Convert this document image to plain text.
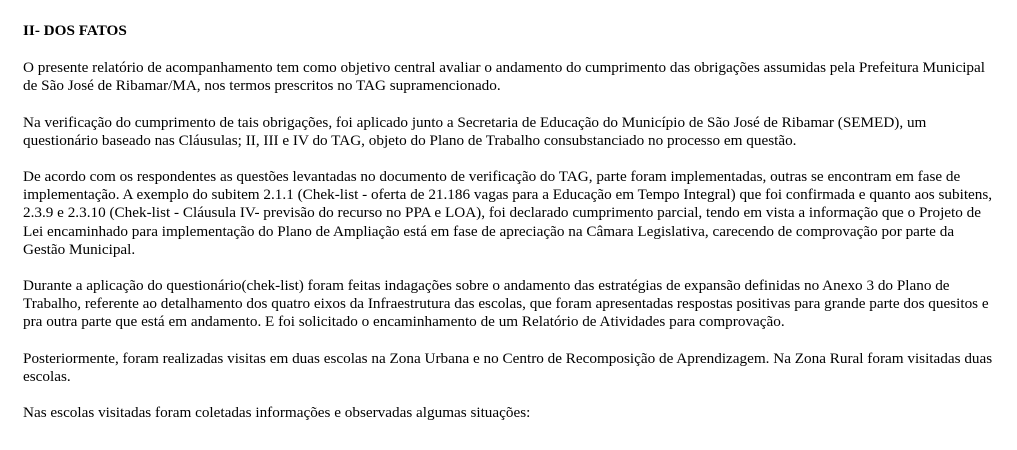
II- DOS FATOS

O presente relatório de acompanhamento tem como objetivo central avaliar o andamento do cumprimento das obrigações assumidas pela Prefeitura Municipal de São José de Ribamar/MA, nos termos prescritos no TAG supramencionado.

Na verificação do cumprimento de tais obrigações, foi aplicado junto a Secretaria de Educação do Município de São José de Ribamar (SEMED), um questionário baseado nas Cláusulas; II, III e IV do TAG, objeto do Plano de Trabalho consubstanciado no processo em questão.

De acordo com os respondentes as questões levantadas no documento de verificação do TAG, parte foram implementadas, outras se encontram em fase de implementação. A exemplo do subitem 2.1.1 (Chek-list - oferta de 21.186 vagas para a Educação em Tempo Integral) que foi confirmada e quanto aos subitens, 2.3.9 e 2.3.10 (Chek-list - Cláusula IV- previsão do recurso no PPA e LOA), foi declarado cumprimento parcial, tendo em vista a informação que o Projeto de Lei encaminhado para implementação do Plano de Ampliação está em fase de apreciação na Câmara Legislativa, carecendo de comprovação por parte da Gestão Municipal.

Durante a aplicação do questionário(chek-list) foram feitas indagações sobre o andamento das estratégias de expansão definidas no Anexo 3 do Plano de Trabalho, referente ao detalhamento dos quatro eixos da Infraestrutura das escolas, que foram apresentadas respostas positivas para grande parte dos quesitos e pra outra parte que está em andamento. E foi solicitado o encaminhamento de um Relatório de Atividades para comprovação.

Posteriormente, foram realizadas visitas em duas escolas na Zona Urbana e no Centro de Recomposição de Aprendizagem. Na Zona Rural foram visitadas duas escolas.

Nas escolas visitadas foram coletadas informações e observadas algumas situações:
